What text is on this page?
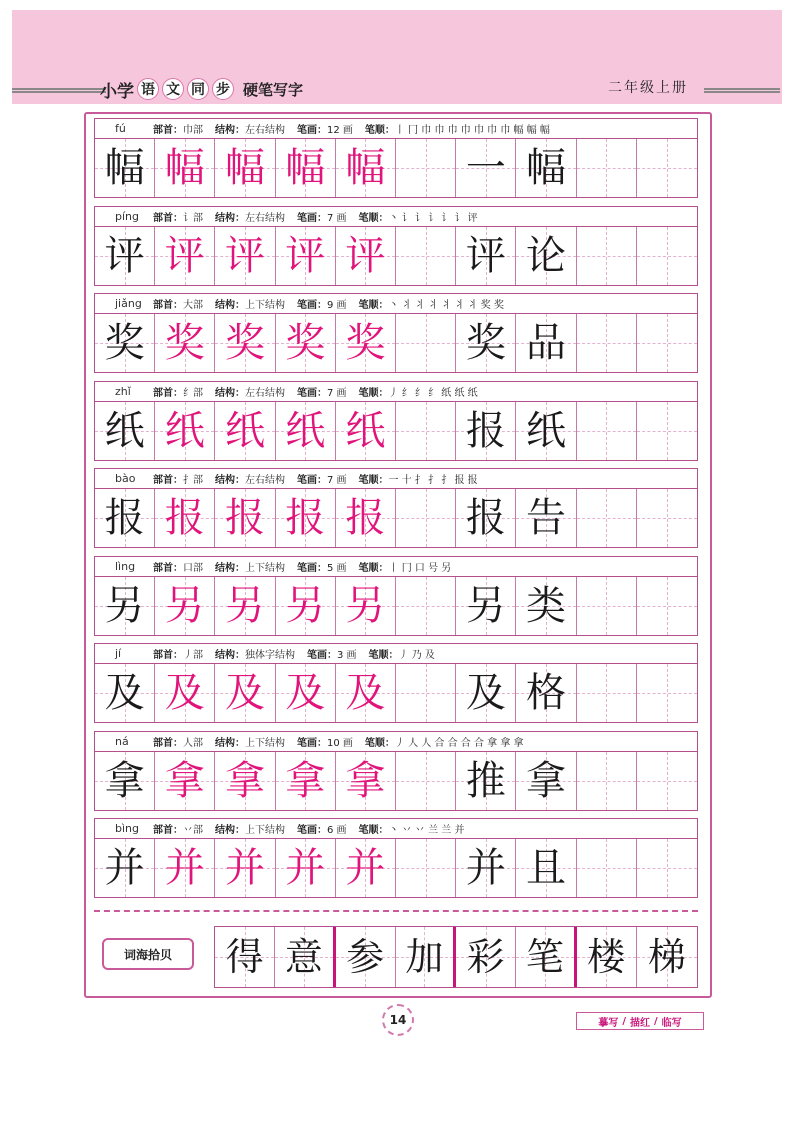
小学 语 文 同 步 硬笔写字	二年级上册
fú	部首：巾部 结构：左右结构 笔画：12 画 笔顺：丨 冂 巾 巾 巾 巾 巾 巾 巾 幅 幅 幅
幅 幅 幅 幅 幅 一 幅
píng	部首：讠部 结构：左右结构 笔画：7 画 笔顺：丶 讠 讠 讠 讠 讠 评
评 评 评 评 评 评 论
jiǎng	部首：大部 结构：上下结构 笔画：9 画 笔顺：丶 丬 丬 丬 丬 丬 丬 奖 奖
奖 奖 奖 奖 奖 奖 品
zhǐ	部首：纟部 结构：左右结构 笔画：7 画 笔顺：丿 纟 纟 纟 纸 纸 纸
纸 纸 纸 纸 纸 报 纸
bào	部首：扌部 结构：左右结构 笔画：7 画 笔顺：一 十 扌 扌 扌 报 报
报 报 报 报 报 报 告
lìng	部首：口部 结构：上下结构 笔画：5 画 笔顺：丨 冂 口 号 另
另 另 另 另 另 另 类
jí	部首：丿部 结构：独体字结构 笔画：3 画 笔顺：丿 乃 及
及 及 及 及 及 及 格
ná	部首：人部 结构：上下结构 笔画：10 画 笔顺：丿 人 人 合 合 合 合 拿 拿 拿
拿 拿 拿 拿 拿 推 拿
bìng	部首：丷部 结构：上下结构 笔画：6 画 笔顺：丶 丷 丷 兰 兰 并
并 并 并 并 并 并 且
词海拾贝	得 意 参 加 彩 笔 楼 梯
14	摹写 / 描红 / 临写
